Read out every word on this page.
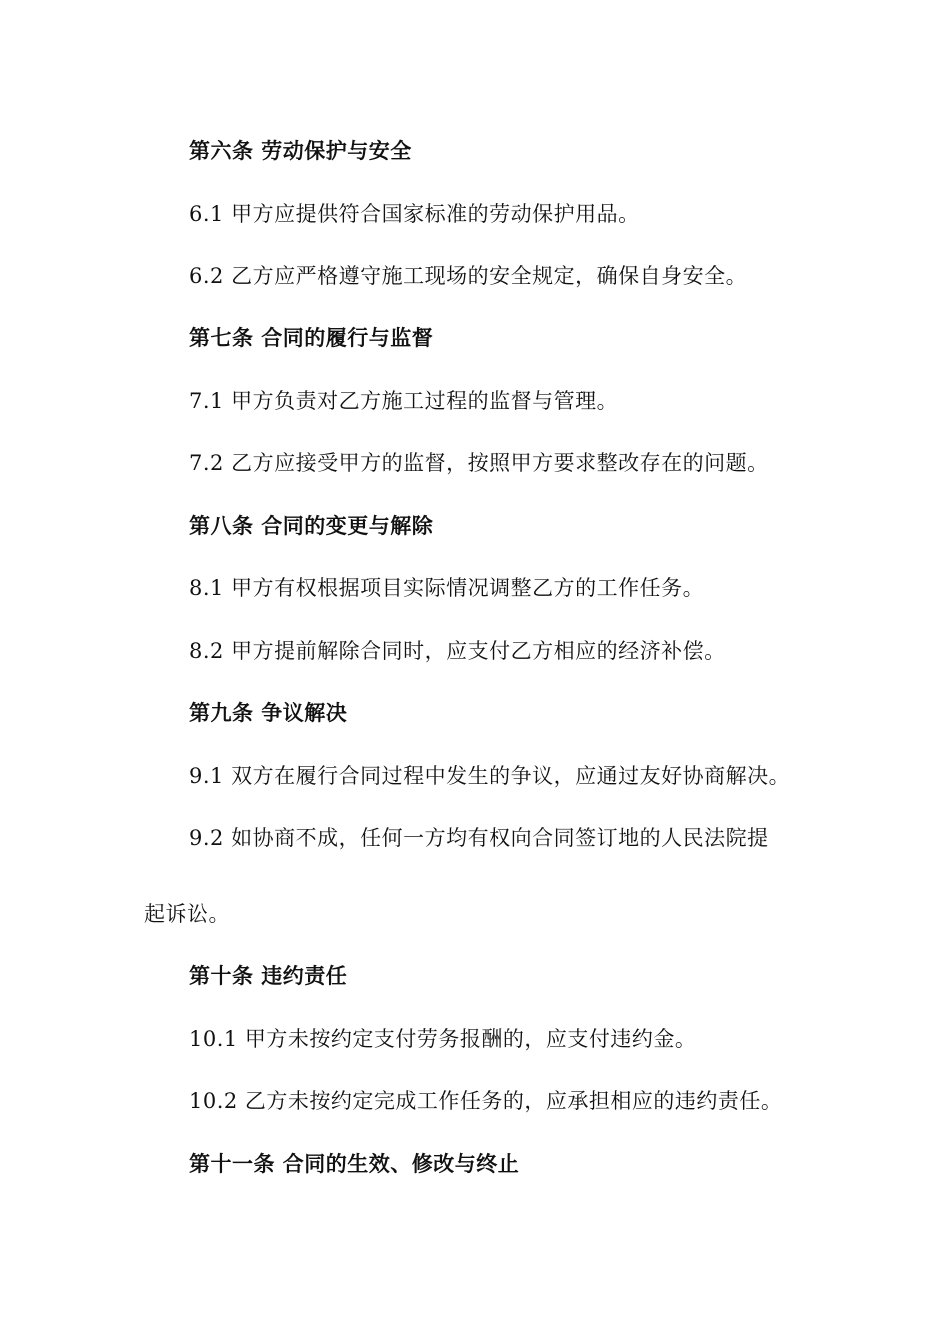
第六条 劳动保护与安全
6.1 甲方应提供符合国家标准的劳动保护用品。
6.2 乙方应严格遵守施工现场的安全规定，确保自身安全。
第七条 合同的履行与监督
7.1 甲方负责对乙方施工过程的监督与管理。
7.2 乙方应接受甲方的监督，按照甲方要求整改存在的问题。
第八条 合同的变更与解除
8.1 甲方有权根据项目实际情况调整乙方的工作任务。
8.2 甲方提前解除合同时，应支付乙方相应的经济补偿。
第九条 争议解决
9.1 双方在履行合同过程中发生的争议，应通过友好协商解决。
9.2 如协商不成，任何一方均有权向合同签订地的人民法院提
起诉讼。
第十条 违约责任
10.1 甲方未按约定支付劳务报酬的，应支付违约金。
10.2 乙方未按约定完成工作任务的，应承担相应的违约责任。
第十一条 合同的生效、修改与终止
